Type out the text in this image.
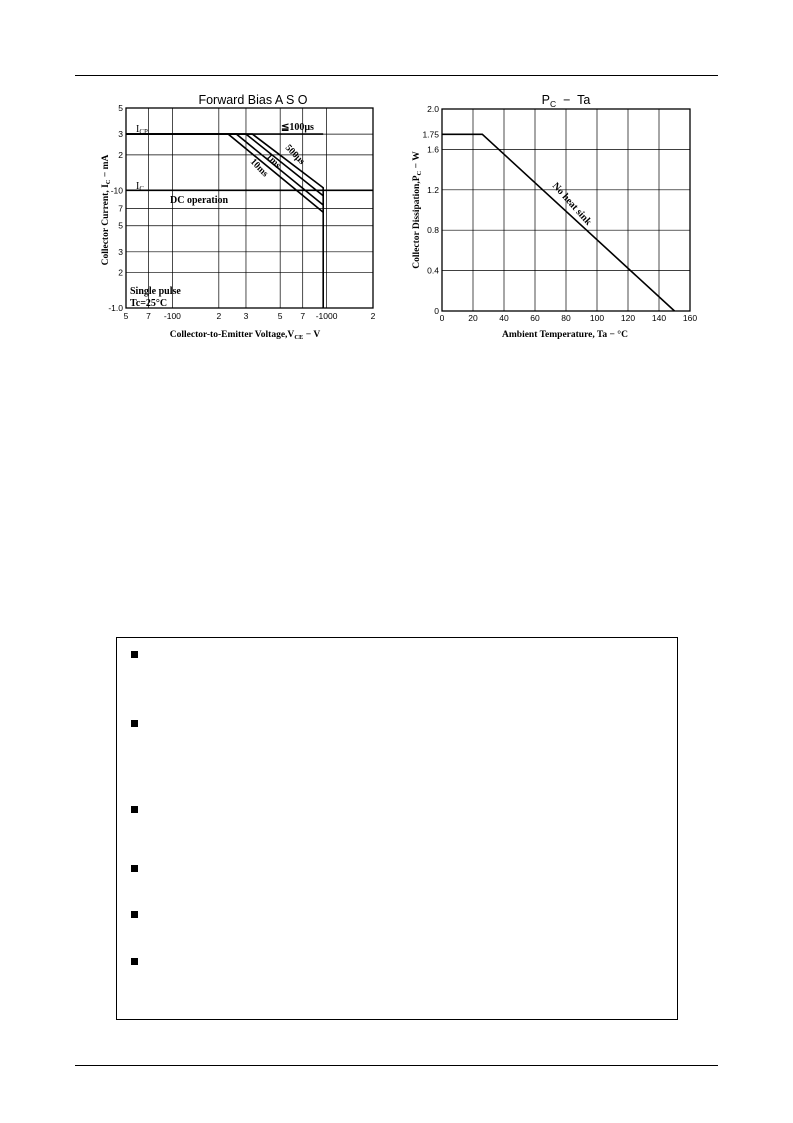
5 7 -100	2	3	5 7 -1000	2
-1.0
2
3
5
7
-10
2
3
5
Forward Bias A S O
Collector-to-Emitter $Voltage,V_{CE} - V$
Collector Current, $I_C$ − mA
$I_{CP}$
$I_C$
DC operation
≦100μs
500μs
1ms
10ms
Single pulse
Tc=25°C
0	20	40	60	80 100 120 140 160
0
0.4
0.8
1.2
1.6
1.75
2.0
$P_C - Ta$
Ambient Temperature, Ta − °C
Collector $Dissipation,P_C - W$
No heat sink
